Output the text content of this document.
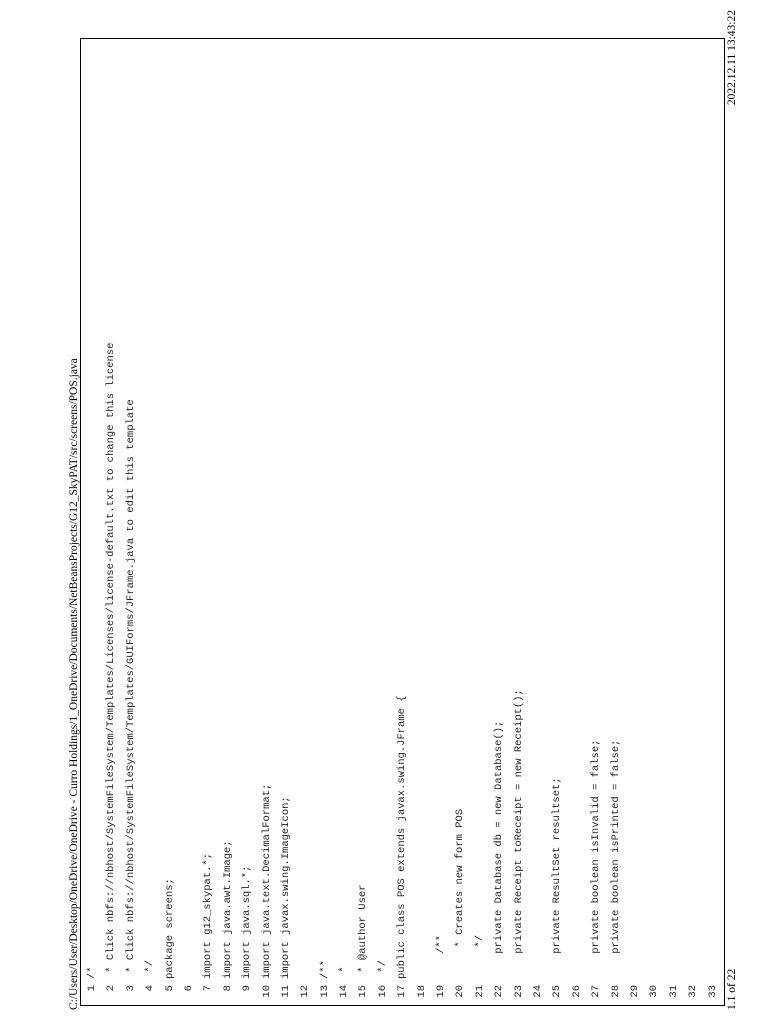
C:/Users/User/Desktop/OneDrive/OneDrive - Curro Holdings/1_OneDrive/Documents/NetBeansProjects/G12_SkyPAT/src/screens/POS.java 1/*
2 * Click nbfs://nbhost/SystemFileSystem/Templates/Licenses/license-default.txt to change this license
3 * Click nbfs://nbhost/SystemFileSystem/Templates/GUIForms/JFrame.java to edit this template
4 */
5package screens;
6 7import g12_skypat.*;
8import java.awt.Image;
9import java.sql.*;
10import java.text.DecimalFormat;
11import javax.swing.ImageIcon;
12 13/**
14 *
15 * @author User
16 */
17public class POS extends javax.swing.JFrame {
18 19    /**
20     * Creates new form POS
21     */
22    private Database db = new Database();
23    private Receipt toReceipt = new Receipt();
24 25    private ResultSet resultset;
26 27    private boolean isInvalid = false;
28    private boolean isPrinted = false;
29 30 31 32 33 1.1 of 22
2022.12.11 13:43:22
